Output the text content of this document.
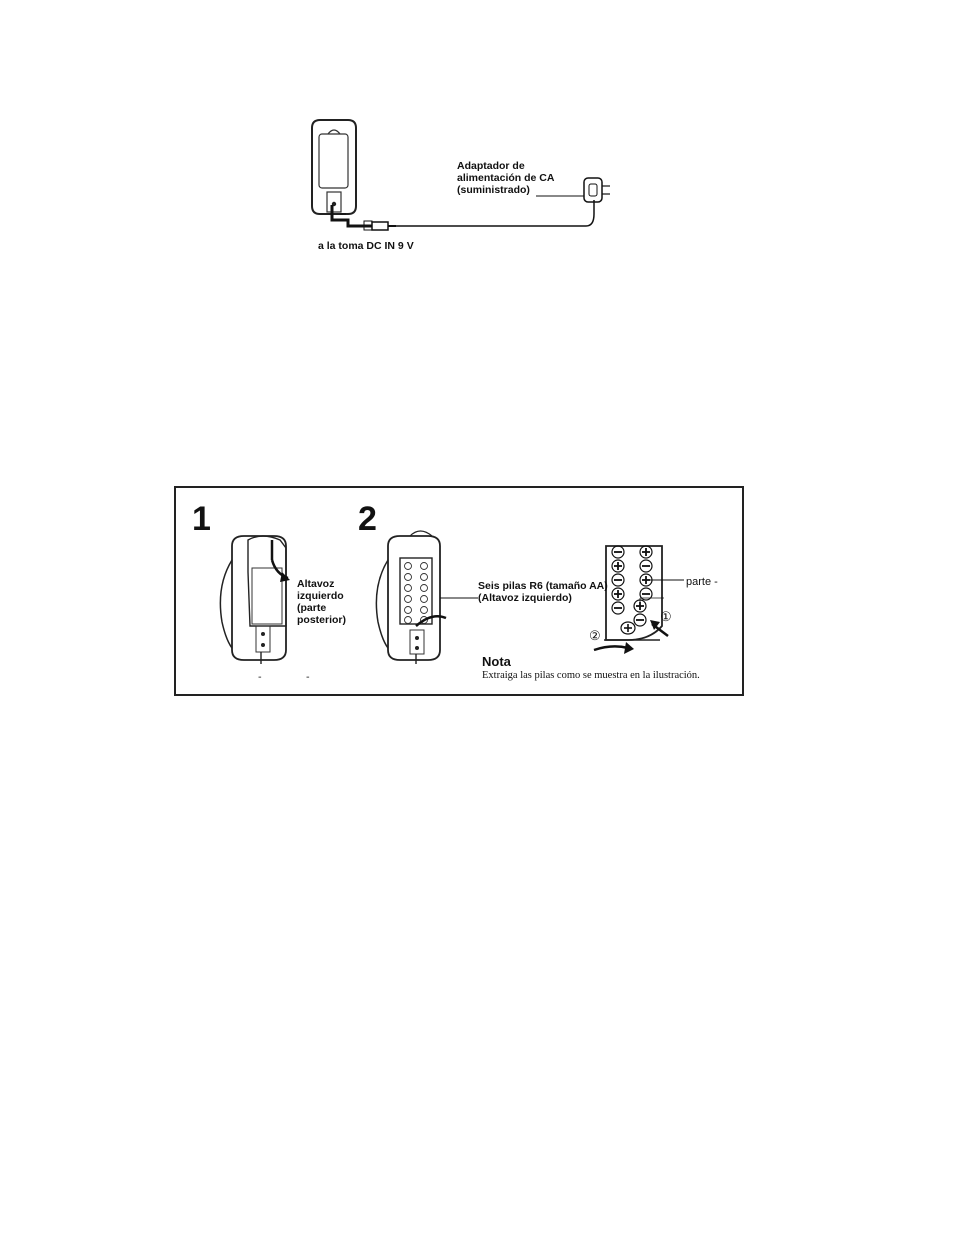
Adaptador de
alimentación de CA
(suministrado)
a la toma DC IN 9 V
1	2
-	-
Altavoz
izquierdo
(parte
posterior)
Seis pilas R6 (tamaño AA)
(Altavoz izquierdo)
parte -
①
②
Nota
Extraiga las pilas como se muestra en la ilustración.
